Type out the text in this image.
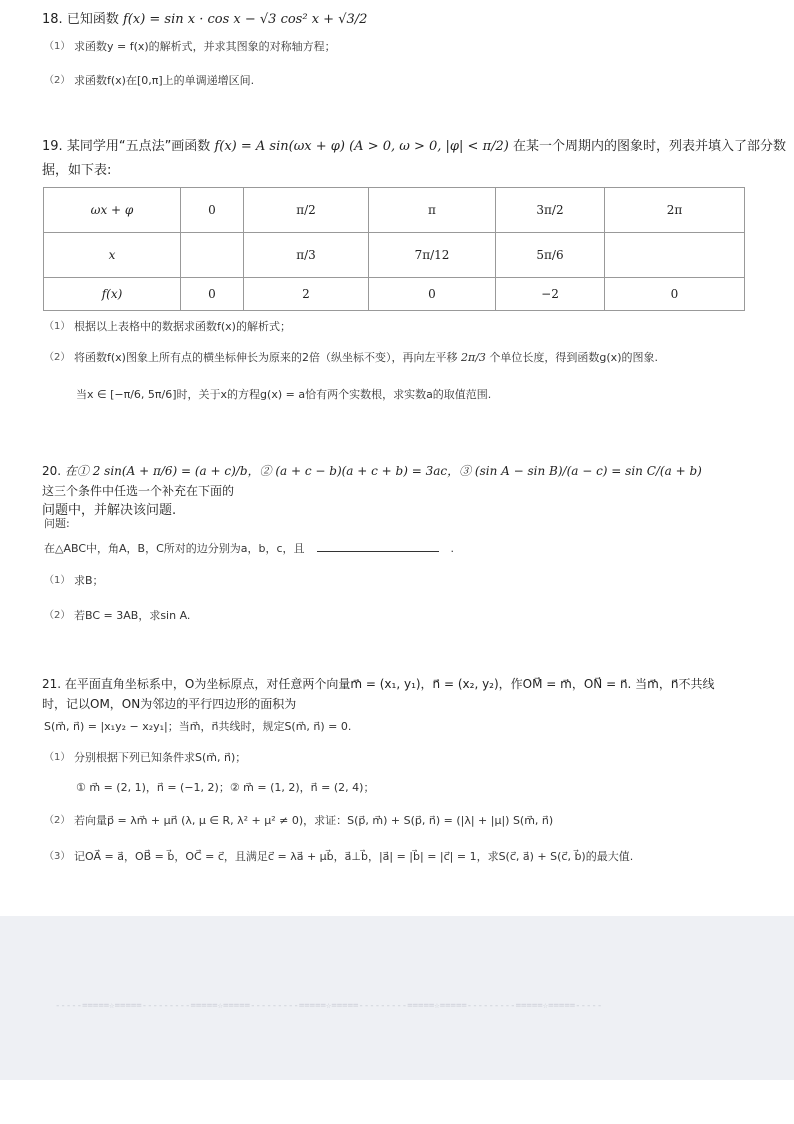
18. 已知函数 f(x) = sin x · cos x − √3 cos² x + √3/2
（1） 求函数y = f(x)的解析式，并求其图象的对称轴方程；
（2） 求函数f(x)在[0,π]上的单调递增区间.
19. 某同学用“五点法”画函数 f(x) = A sin(ωx + φ) (A > 0, ω > 0, |φ| < π/2) 在某一个周期内的图象时，列表并填入了部分数
据，如下表:
ωx + φ	0	π/2	π	3π/2	2π
x		π/3	7π/12	5π/6	
f(x)	0	2	0	−2	0
（1） 根据以上表格中的数据求函数f(x)的解析式；
（2） 将函数f(x)图象上所有点的横坐标伸长为原来的2倍（纵坐标不变），再向左平移 2π/3 个单位长度，得到函数g(x)的图象.
当x ∈ [−π/6, 5π/6]时，关于x的方程g(x) = a恰有两个实数根，求实数a的取值范围.
20. 在① 2 sin(A + π/6) = (a + c)/b，② (a + c − b)(a + c + b) = 3ac，③ (sin A − sin B)/(a − c) = sin C/(a + b)
这三个条件中任选一个补充在下面的
问题中，并解决该问题.
问题:
在△ABC中，角A，B，C所对的边分别为a，b，c，且	.
（1） 求B；
（2） 若BC = 3AB，求sin A.
21. 在平面直角坐标系中，O为坐标原点，对任意两个向量m⃗ = (x₁, y₁)，n⃗ = (x₂, y₂)，作OM⃗ = m⃗，ON⃗ = n⃗. 当m⃗，n⃗不共线
时，记以OM，ON为邻边的平行四边形的面积为
S(m⃗, n⃗) = |x₁y₂ − x₂y₁|；当m⃗，n⃗共线时，规定S(m⃗, n⃗) = 0.
（1） 分别根据下列已知条件求S(m⃗, n⃗)；
① m⃗ = (2, 1)，n⃗ = (−1, 2)；② m⃗ = (1, 2)，n⃗ = (2, 4)；
（2） 若向量p⃗ = λm⃗ + μn⃗ (λ, μ ∈ R, λ² + μ² ≠ 0)，求证：S(p⃗, m⃗) + S(p⃗, n⃗) = (|λ| + |μ|) S(m⃗, n⃗)
（3） 记OA⃗ = a⃗，OB⃗ = b⃗，OC⃗ = c⃗，且满足c⃗ = λa⃗ + μb⃗，a⃗⊥b⃗，|a⃗| = |b⃗| = |c⃗| = 1，求S(c⃗, a⃗) + S(c⃗, b⃗)的最大值.
-----=====☆=====---------=====☆=====---------=====☆=====---------=====☆=====---------=====☆=====-----
